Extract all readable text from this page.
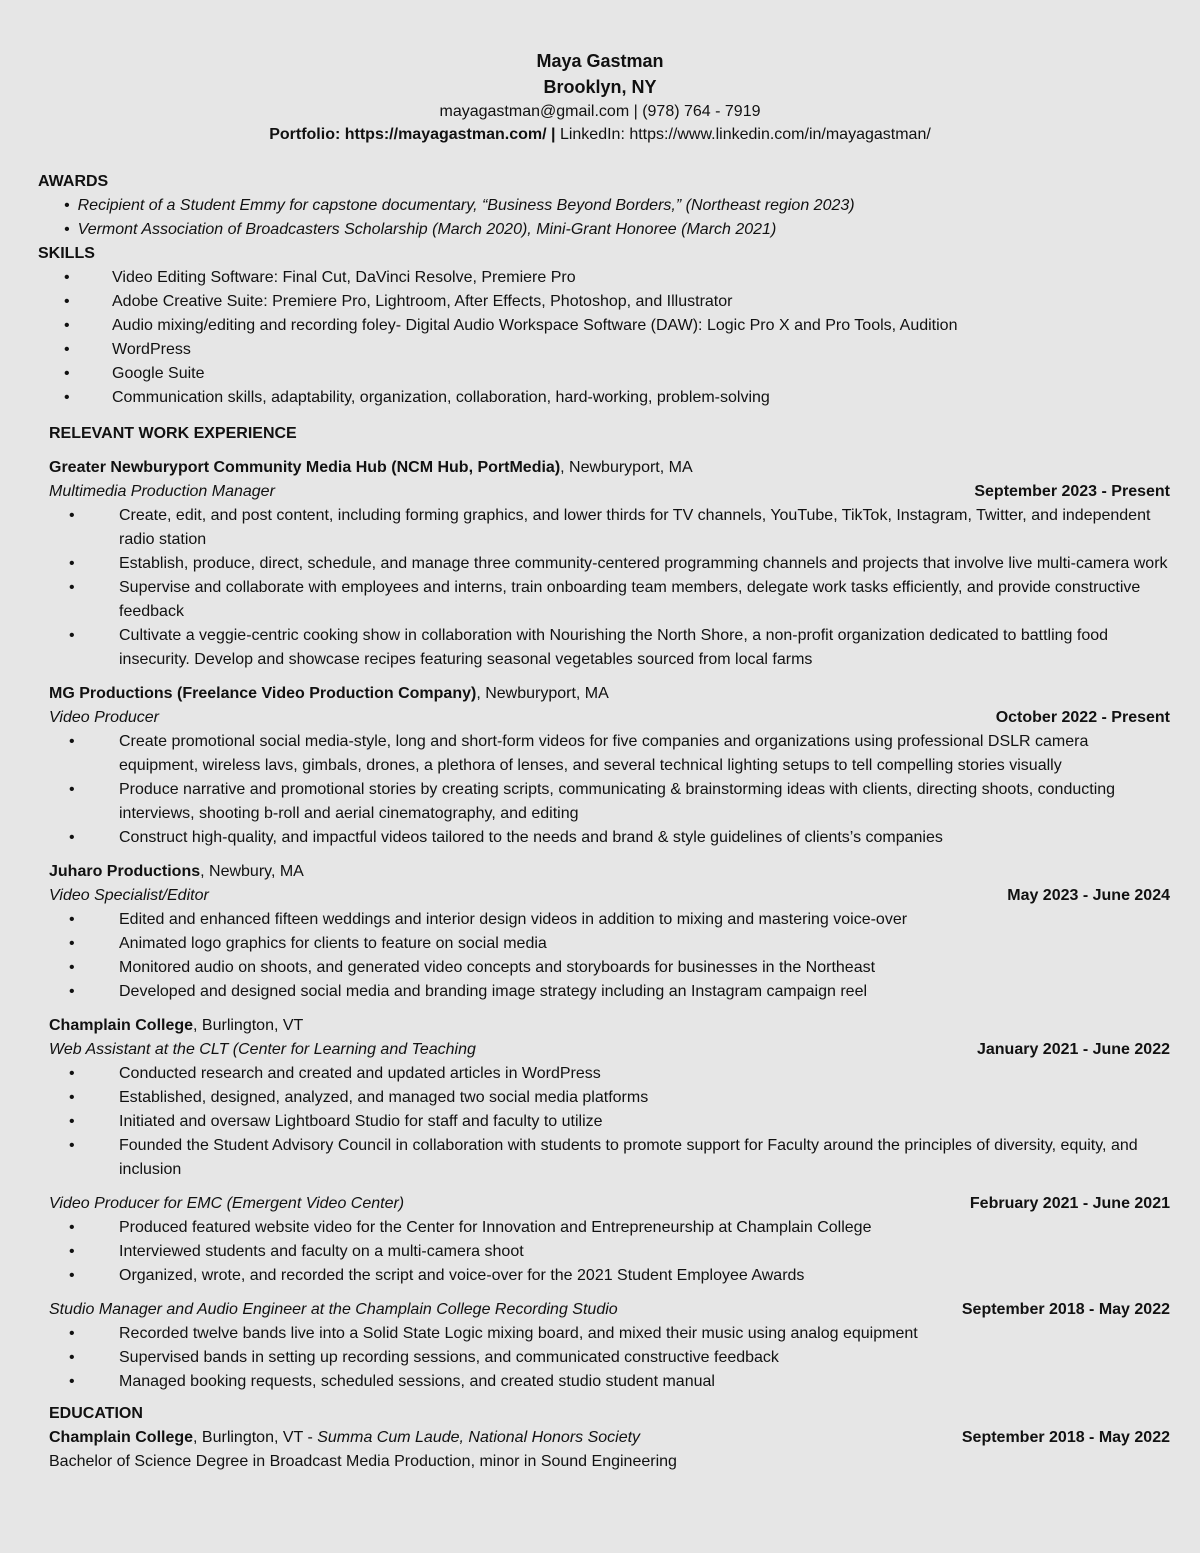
Maya Gastman
Brooklyn, NY
mayagastman@gmail.com | (978) 764 - 7919
Portfolio: https://mayagastman.com/ | LinkedIn: https://www.linkedin.com/in/mayagastman/
AWARDS
• Recipient of a Student Emmy for capstone documentary, “Business Beyond Borders,” (Northeast region 2023)
• Vermont Association of Broadcasters Scholarship (March 2020), Mini-Grant Honoree (March 2021)
SKILLS
• Video Editing Software: Final Cut, DaVinci Resolve, Premiere Pro
• Adobe Creative Suite: Premiere Pro, Lightroom, After Effects, Photoshop, and Illustrator
• Audio mixing/editing and recording foley- Digital Audio Workspace Software (DAW): Logic Pro X and Pro Tools, Audition
• WordPress
• Google Suite
• Communication skills, adaptability, organization, collaboration, hard-working, problem-solving
RELEVANT WORK EXPERIENCE
Greater Newburyport Community Media Hub (NCM Hub, PortMedia), Newburyport, MA
Multimedia Production Manager	September 2023 - Present
• Create, edit, and post content, including forming graphics, and lower thirds for TV channels, YouTube, TikTok, Instagram, Twitter, and independent radio station
• Establish, produce, direct, schedule, and manage three community-centered programming channels and projects that involve live multi-camera work
• Supervise and collaborate with employees and interns, train onboarding team members, delegate work tasks efficiently, and provide constructive feedback
• Cultivate a veggie-centric cooking show in collaboration with Nourishing the North Shore, a non-profit organization dedicated to battling food insecurity. Develop and showcase recipes featuring seasonal vegetables sourced from local farms
MG Productions (Freelance Video Production Company), Newburyport, MA
Video Producer	October 2022 - Present
• Create promotional social media-style, long and short-form videos for five companies and organizations using professional DSLR camera equipment, wireless lavs, gimbals, drones, a plethora of lenses, and several technical lighting setups to tell compelling stories visually
• Produce narrative and promotional stories by creating scripts, communicating & brainstorming ideas with clients, directing shoots, conducting interviews, shooting b-roll and aerial cinematography, and editing
• Construct high-quality, and impactful videos tailored to the needs and brand & style guidelines of clients’s companies
Juharo Productions, Newbury, MA
Video Specialist/Editor	May 2023 - June 2024
• Edited and enhanced fifteen weddings and interior design videos in addition to mixing and mastering voice-over
• Animated logo graphics for clients to feature on social media
• Monitored audio on shoots, and generated video concepts and storyboards for businesses in the Northeast
• Developed and designed social media and branding image strategy including an Instagram campaign reel
Champlain College, Burlington, VT
Web Assistant at the CLT (Center for Learning and Teaching	January 2021 - June 2022
• Conducted research and created and updated articles in WordPress
• Established, designed, analyzed, and managed two social media platforms
• Initiated and oversaw Lightboard Studio for staff and faculty to utilize
• Founded the Student Advisory Council in collaboration with students to promote support for Faculty around the principles of diversity, equity, and inclusion
Video Producer for EMC (Emergent Video Center)	February 2021 - June 2021
• Produced featured website video for the Center for Innovation and Entrepreneurship at Champlain College
• Interviewed students and faculty on a multi-camera shoot
• Organized, wrote, and recorded the script and voice-over for the 2021 Student Employee Awards
Studio Manager and Audio Engineer at the Champlain College Recording Studio	September 2018 - May 2022
• Recorded twelve bands live into a Solid State Logic mixing board, and mixed their music using analog equipment
• Supervised bands in setting up recording sessions, and communicated constructive feedback
• Managed booking requests, scheduled sessions, and created studio student manual
EDUCATION
Champlain College, Burlington, VT - Summa Cum Laude, National Honors Society	September 2018 - May 2022
Bachelor of Science Degree in Broadcast Media Production, minor in Sound Engineering
